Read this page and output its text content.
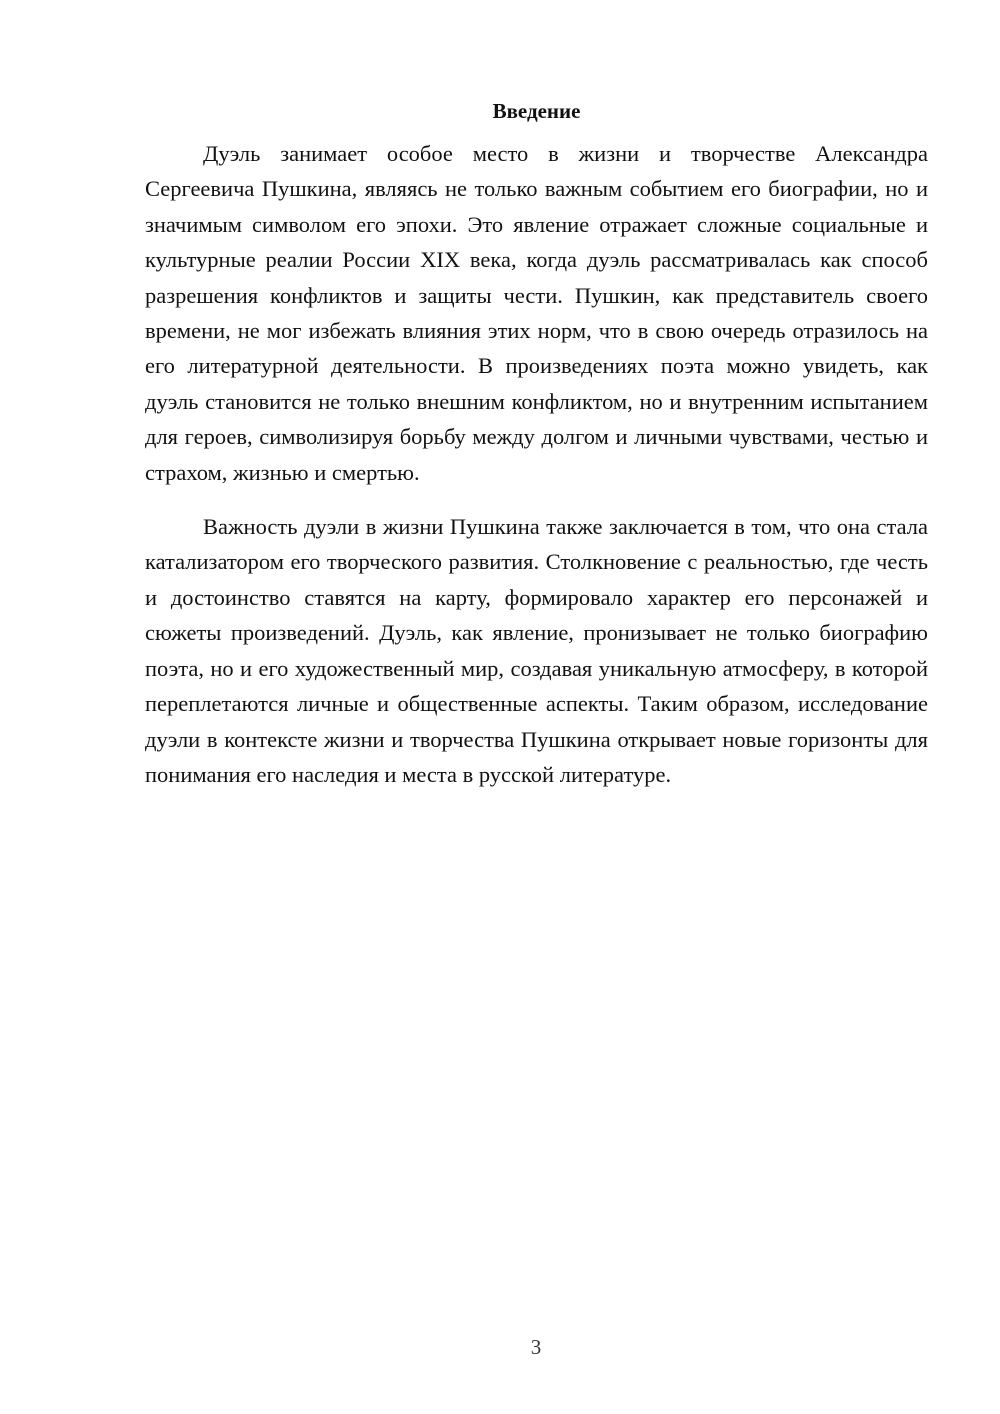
Введение

Дуэль занимает особое место в жизни и творчестве Александра Сергеевича Пушкина, являясь не только важным событием его биографии, но и значимым символом его эпохи. Это явление отражает сложные социальные и культурные реалии России XIX века, когда дуэль рассматривалась как способ разрешения конфликтов и защиты чести. Пушкин, как представитель своего времени, не мог избежать влияния этих норм, что в свою очередь отразилось на его литературной деятельности. В произведениях поэта можно увидеть, как дуэль становится не только внешним конфликтом, но и внутренним испытанием для героев, символизируя борьбу между долгом и личными чувствами, честью и страхом, жизнью и смертью.

Важность дуэли в жизни Пушкина также заключается в том, что она стала катализатором его творческого развития. Столкновение с реальностью, где честь и достоинство ставятся на карту, формировало характер его персонажей и сюжеты произведений. Дуэль, как явление, пронизывает не только биографию поэта, но и его художественный мир, создавая уникальную атмосферу, в которой переплетаются личные и общественные аспекты. Таким образом, исследование дуэли в контексте жизни и творчества Пушкина открывает новые горизонты для понимания его наследия и места в русской литературе.

3
